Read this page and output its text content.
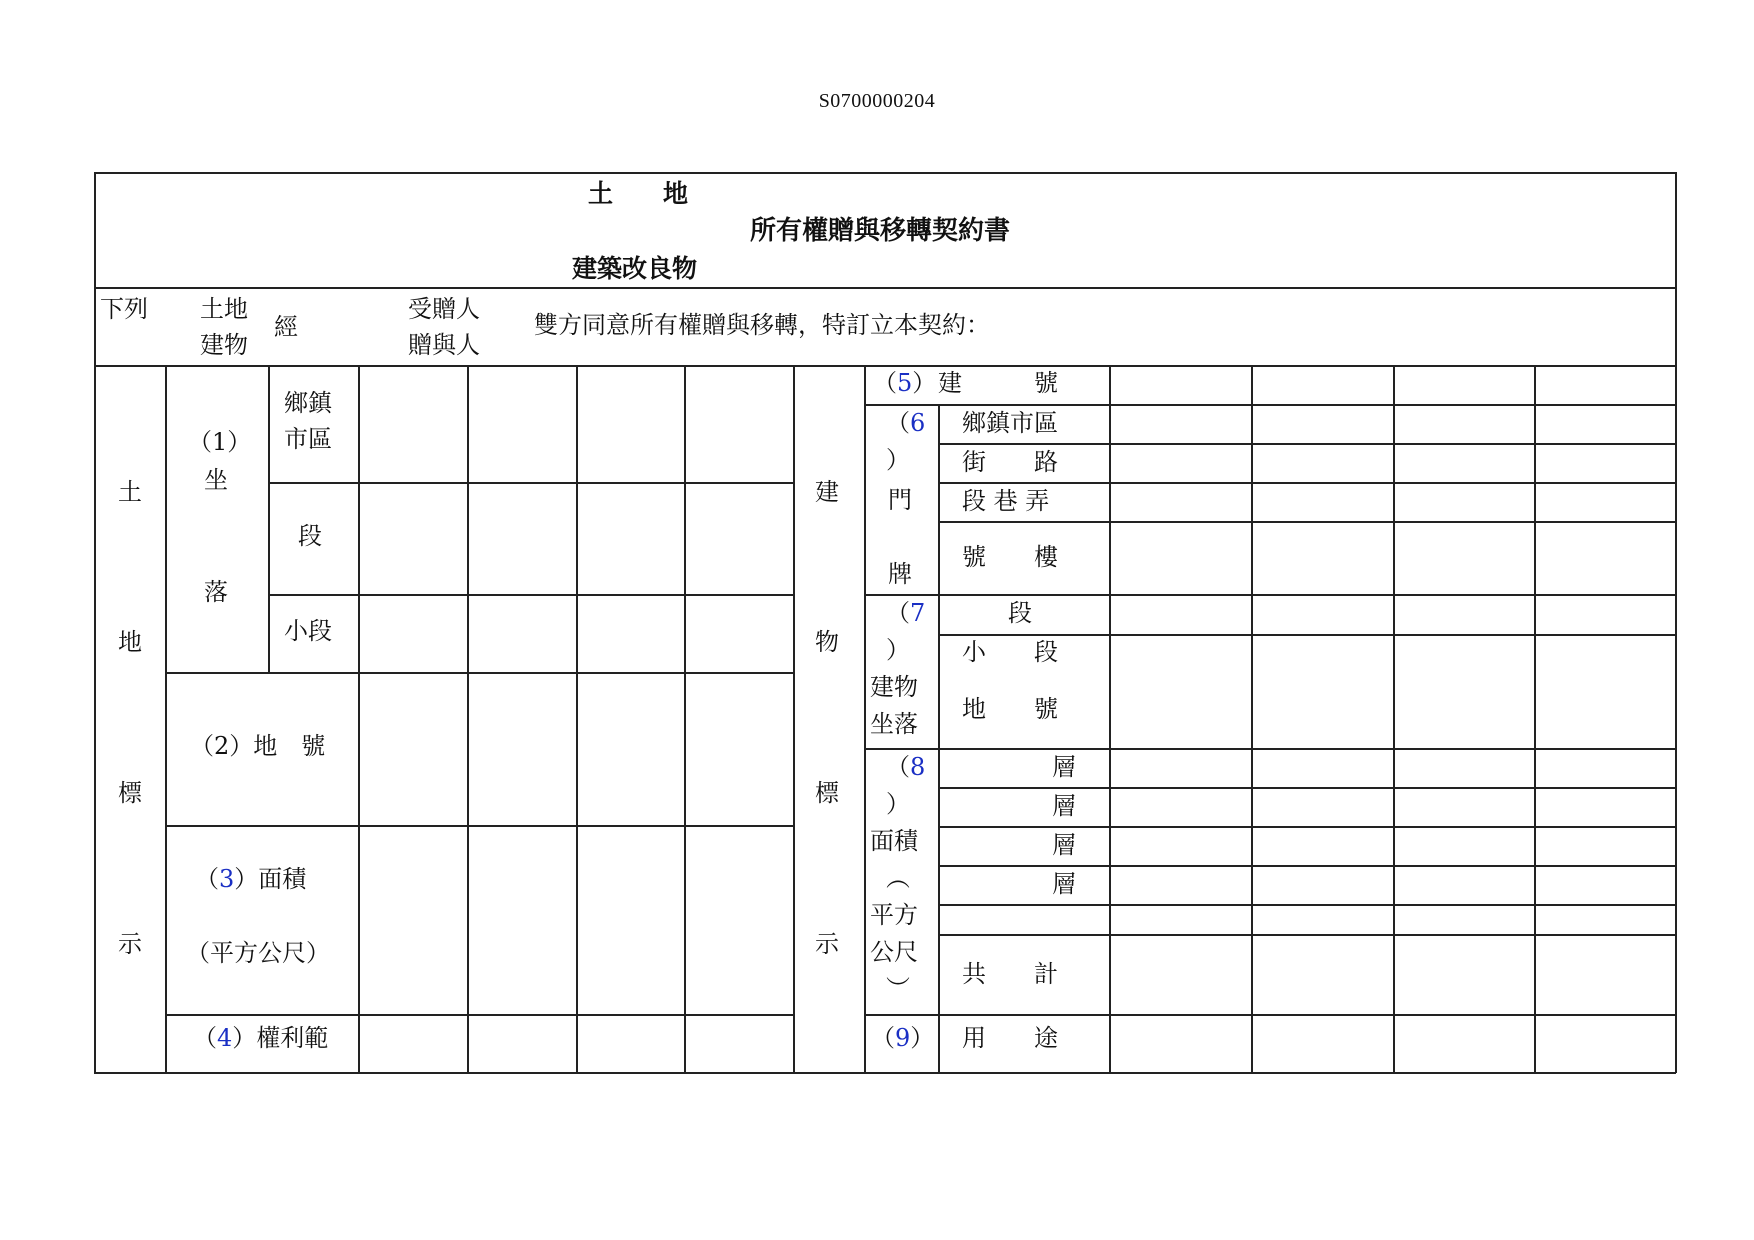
S0700000204
土　　地
所有權贈與移轉契約書
建築改良物
下列 土地
建物
經
受贈人
贈與人
雙方同意所有權贈與移轉，特訂立本契約：
土
地
標
示
（1）
坐
落
鄉鎮
市區
段
小段
（2）地　號
（3）面積
（平方公尺）
（4）權利範
建
物
標
示
（5） 建　　　號
（6
）
門
牌
鄉鎮市區
街　　路
段 巷 弄
號　　樓
（7
）
建物
坐落
段
小　　段
地　　號
（8
）
面積
︵
平方
公尺
︶
層
層
層
層
共　　計
（9） 用　　途
